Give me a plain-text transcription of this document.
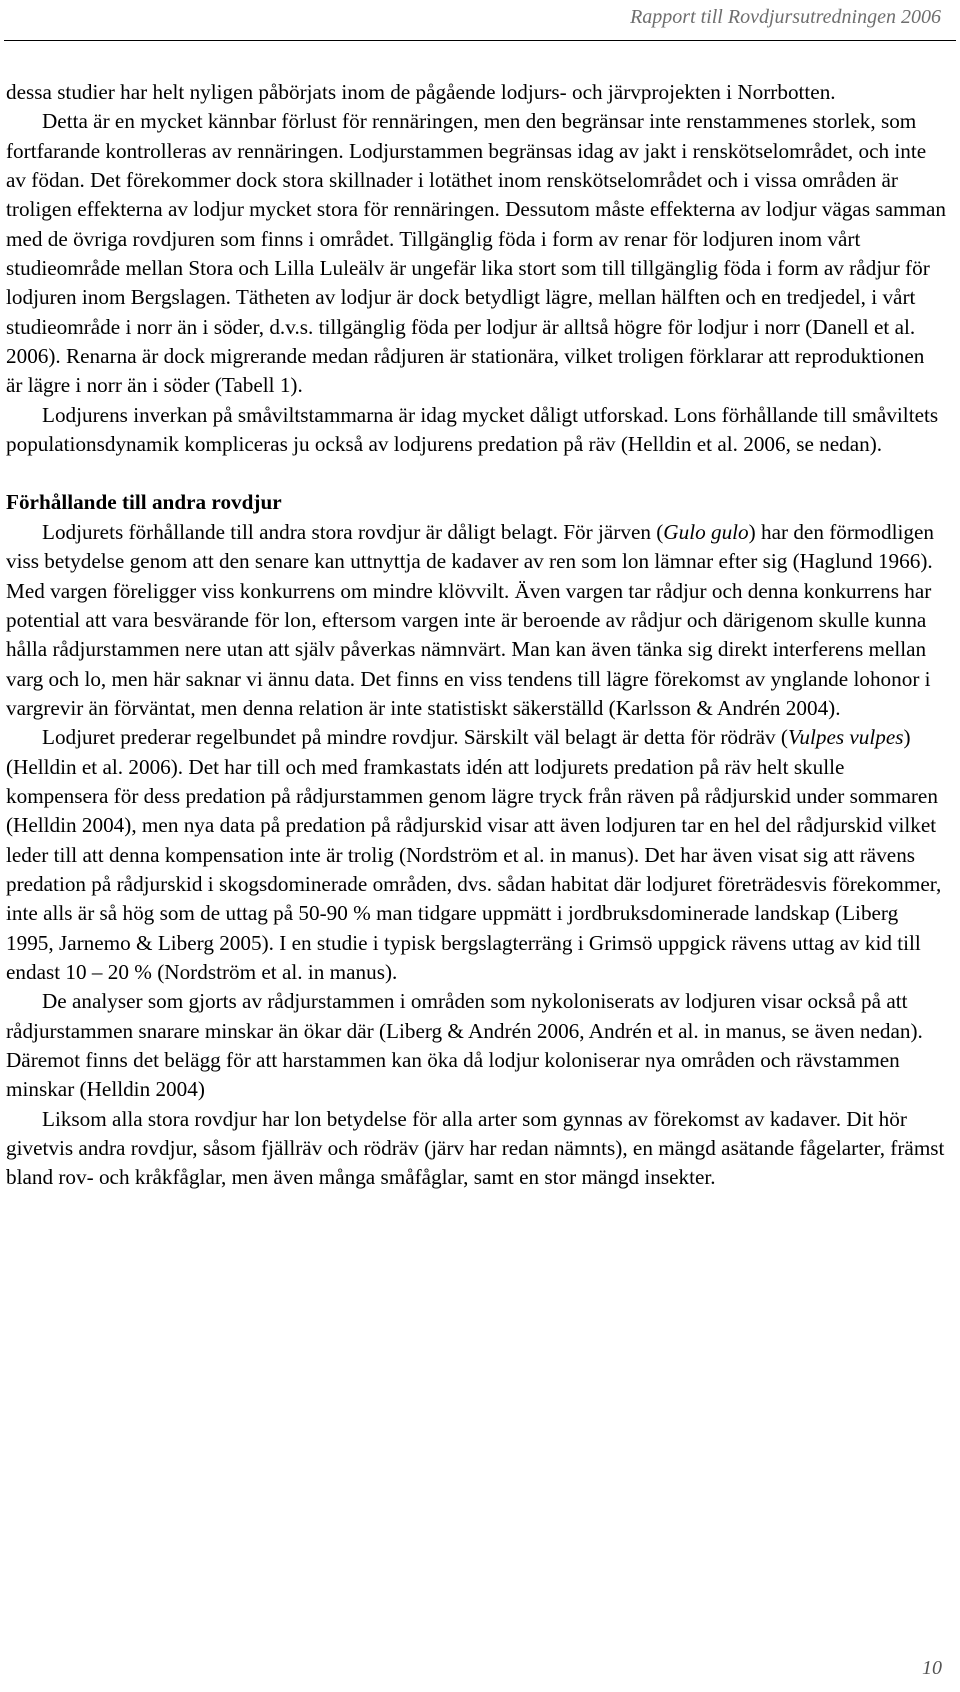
Rapport till Rovdjursutredningen 2006

dessa studier har helt nyligen påbörjats inom de pågående lodjurs- och järvprojekten i Norrbotten.

Detta är en mycket kännbar förlust för rennäringen, men den begränsar inte renstammenes storlek, som fortfarande kontrolleras av rennäringen. Lodjurstammen begränsas idag av jakt i renskötselområdet, och inte av födan. Det förekommer dock stora skillnader i lotäthet inom renskötselområdet och i vissa områden är troligen effekterna av lodjur mycket stora för rennäringen. Dessutom måste effekterna av lodjur vägas samman med de övriga rovdjuren som finns i området. Tillgänglig föda i form av renar för lodjuren inom vårt studieområde mellan Stora och Lilla Luleälv är ungefär lika stort som till tillgänglig föda i form av rådjur för lodjuren inom Bergslagen. Tätheten av lodjur är dock betydligt lägre, mellan hälften och en tredjedel, i vårt studieområde i norr än i söder, d.v.s. tillgänglig föda per lodjur är alltså högre för lodjur i norr (Danell et al. 2006). Renarna är dock migrerande medan rådjuren är stationära, vilket troligen förklarar att reproduktionen är lägre i norr än i söder (Tabell 1).

Lodjurens inverkan på småviltstammarna är idag mycket dåligt utforskad. Lons förhållande till småviltets populationsdynamik kompliceras ju också av lodjurens predation på räv (Helldin et al. 2006, se nedan).

Förhållande till andra rovdjur

Lodjurets förhållande till andra stora rovdjur är dåligt belagt. För järven (Gulo gulo) har den förmodligen viss betydelse genom att den senare kan uttnyttja de kadaver av ren som lon lämnar efter sig (Haglund 1966). Med vargen föreligger viss konkurrens om mindre klövvilt. Även vargen tar rådjur och denna konkurrens har potential att vara besvärande för lon, eftersom vargen inte är beroende av rådjur och därigenom skulle kunna hålla rådjurstammen nere utan att själv påverkas nämnvärt. Man kan även tänka sig direkt interferens mellan varg och lo, men här saknar vi ännu data. Det finns en viss tendens till lägre förekomst av ynglande lohonor i vargrevir än förväntat, men denna relation är inte statistiskt säkerställd (Karlsson & Andrén 2004).

Lodjuret prederar regelbundet på mindre rovdjur. Särskilt väl belagt är detta för rödräv (Vulpes vulpes) (Helldin et al. 2006). Det har till och med framkastats idén att lodjurets predation på räv helt skulle kompensera för dess predation på rådjurstammen genom lägre tryck från räven på rådjurskid under sommaren (Helldin 2004), men nya data på predation på rådjurskid visar att även lodjuren tar en hel del rådjurskid vilket leder till att denna kompensation inte är trolig (Nordström et al. in manus). Det har även visat sig att rävens predation på rådjurskid i skogsdominerade områden, dvs. sådan habitat där lodjuret företrädesvis förekommer, inte alls är så hög som de uttag på 50-90 % man tidgare uppmätt i jordbruksdominerade landskap (Liberg 1995, Jarnemo & Liberg 2005). I en studie i typisk bergslagterräng i Grimsö uppgick rävens uttag av kid till endast 10 – 20 % (Nordström et al. in manus).

De analyser som gjorts av rådjurstammen i områden som nykoloniserats av lodjuren visar också på att rådjurstammen snarare minskar än ökar där (Liberg & Andrén 2006, Andrén et al. in manus, se även nedan). Däremot finns det belägg för att harstammen kan öka då lodjur koloniserar nya områden och rävstammen minskar (Helldin 2004)

Liksom alla stora rovdjur har lon betydelse för alla arter som gynnas av förekomst av kadaver. Dit hör givetvis andra rovdjur, såsom fjällräv och rödräv (järv har redan nämnts), en mängd asätande fågelarter, främst bland rov- och kråkfåglar, men även många småfåglar, samt en stor mängd insekter.

10
